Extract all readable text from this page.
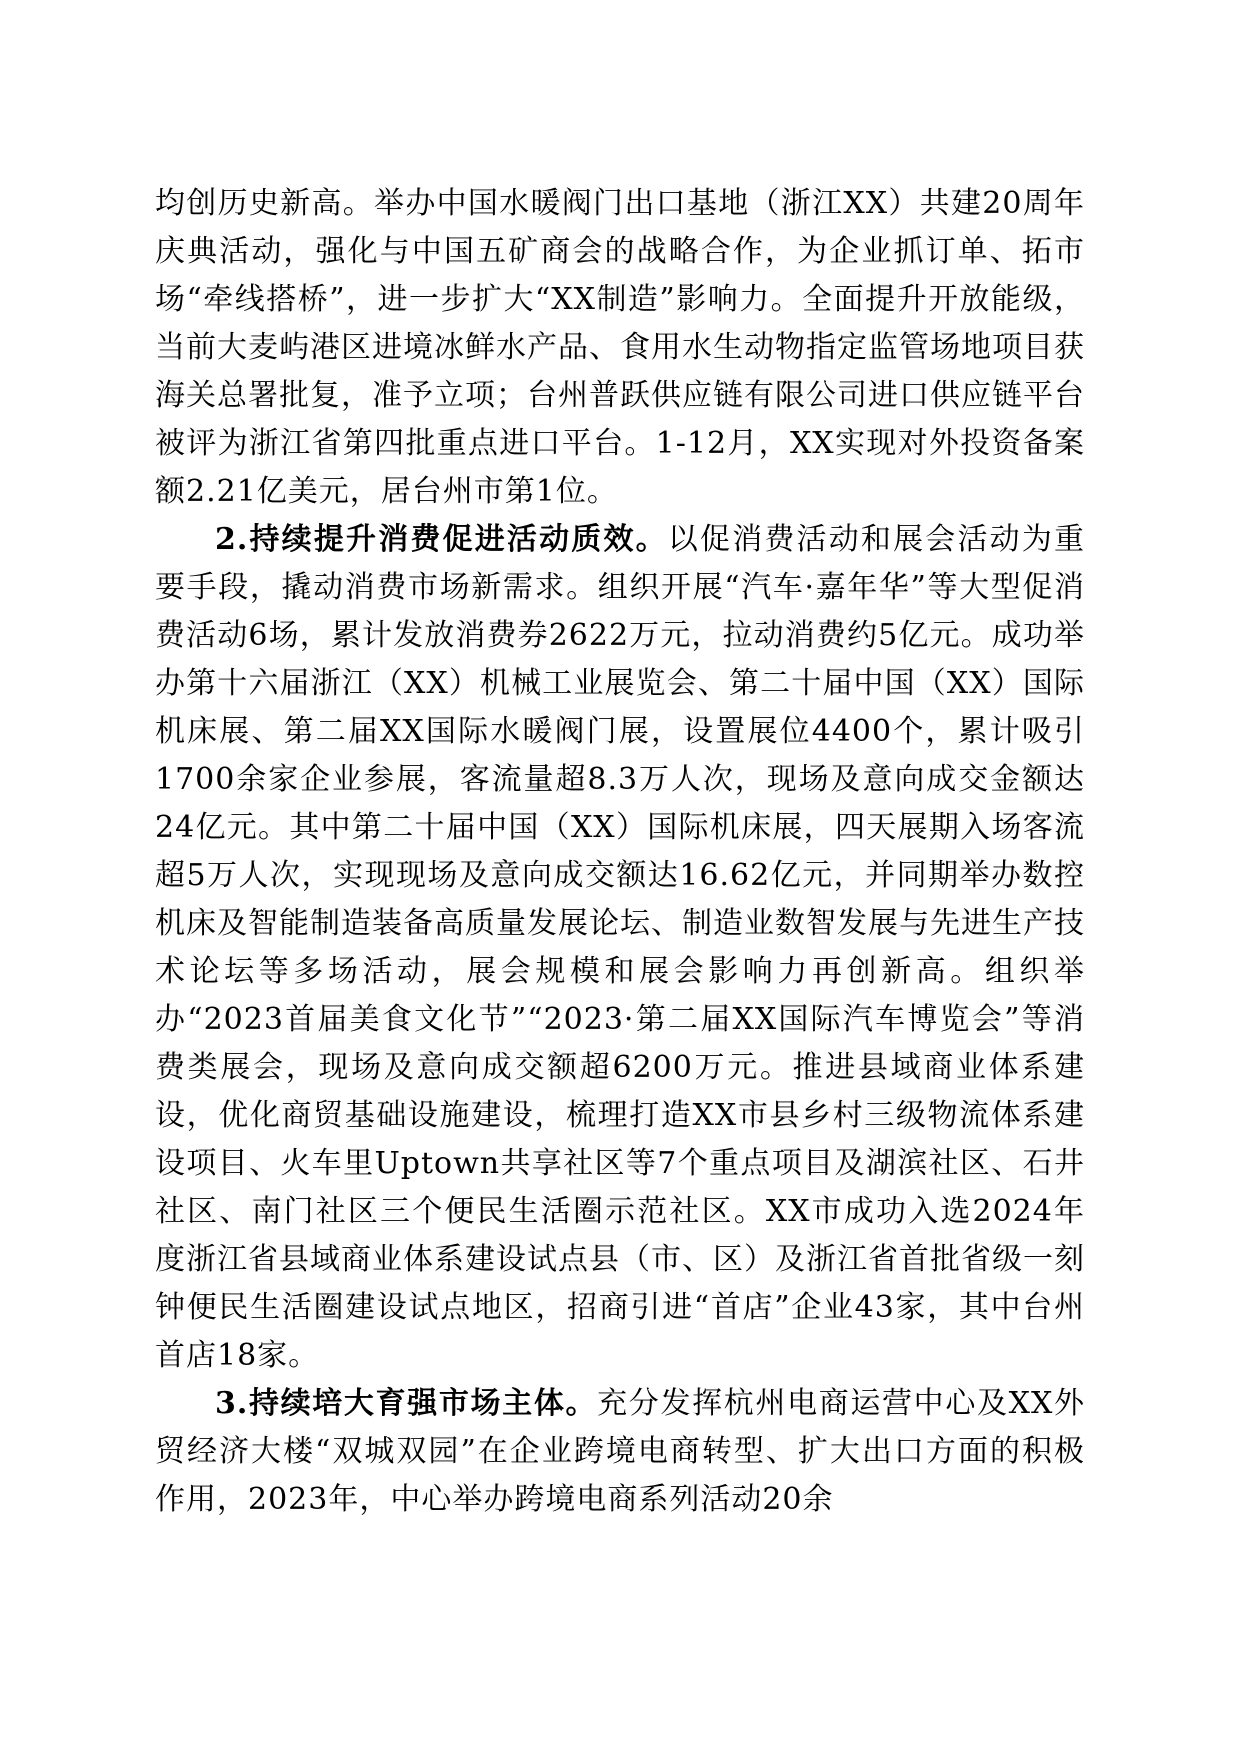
均创历史新高。举办中国水暖阀门出口基地（浙江XX）共建20周年庆典活动，强化与中国五矿商会的战略合作，为企业抓订单、拓市场“牵线搭桥”，进一步扩大“XX制造”影响力。全面提升开放能级，当前大麦屿港区进境冰鲜水产品、食用水生动物指定监管场地项目获海关总署批复，准予立项；台州普跃供应链有限公司进口供应链平台被评为浙江省第四批重点进口平台。1-12月，XX实现对外投资备案额2.21亿美元，居台州市第1位。

2.持续提升消费促进活动质效。以促消费活动和展会活动为重要手段，撬动消费市场新需求。组织开展“汽车·嘉年华”等大型促消费活动6场，累计发放消费券2622万元，拉动消费约5亿元。成功举办第十六届浙江（XX）机械工业展览会、第二十届中国（XX）国际机床展、第二届XX国际水暖阀门展，设置展位4400个，累计吸引1700余家企业参展，客流量超8.3万人次，现场及意向成交金额达24亿元。其中第二十届中国（XX）国际机床展，四天展期入场客流超5万人次，实现现场及意向成交额达16.62亿元，并同期举办数控机床及智能制造装备高质量发展论坛、制造业数智发展与先进生产技术论坛等多场活动，展会规模和展会影响力再创新高。组织举办“2023首届美食文化节”“2023·第二届XX国际汽车博览会”等消费类展会，现场及意向成交额超6200万元。推进县域商业体系建设，优化商贸基础设施建设，梳理打造XX市县乡村三级物流体系建设项目、火车里Uptown共享社区等7个重点项目及湖滨社区、石井社区、南门社区三个便民生活圈示范社区。XX市成功入选2024年度浙江省县域商业体系建设试点县（市、区）及浙江省首批省级一刻钟便民生活圈建设试点地区，招商引进“首店”企业43家，其中台州首店18家。

3.持续培大育强市场主体。充分发挥杭州电商运营中心及XX外贸经济大楼“双城双园”在企业跨境电商转型、扩大出口方面的积极作用，2023年，中心举办跨境电商系列活动20余
